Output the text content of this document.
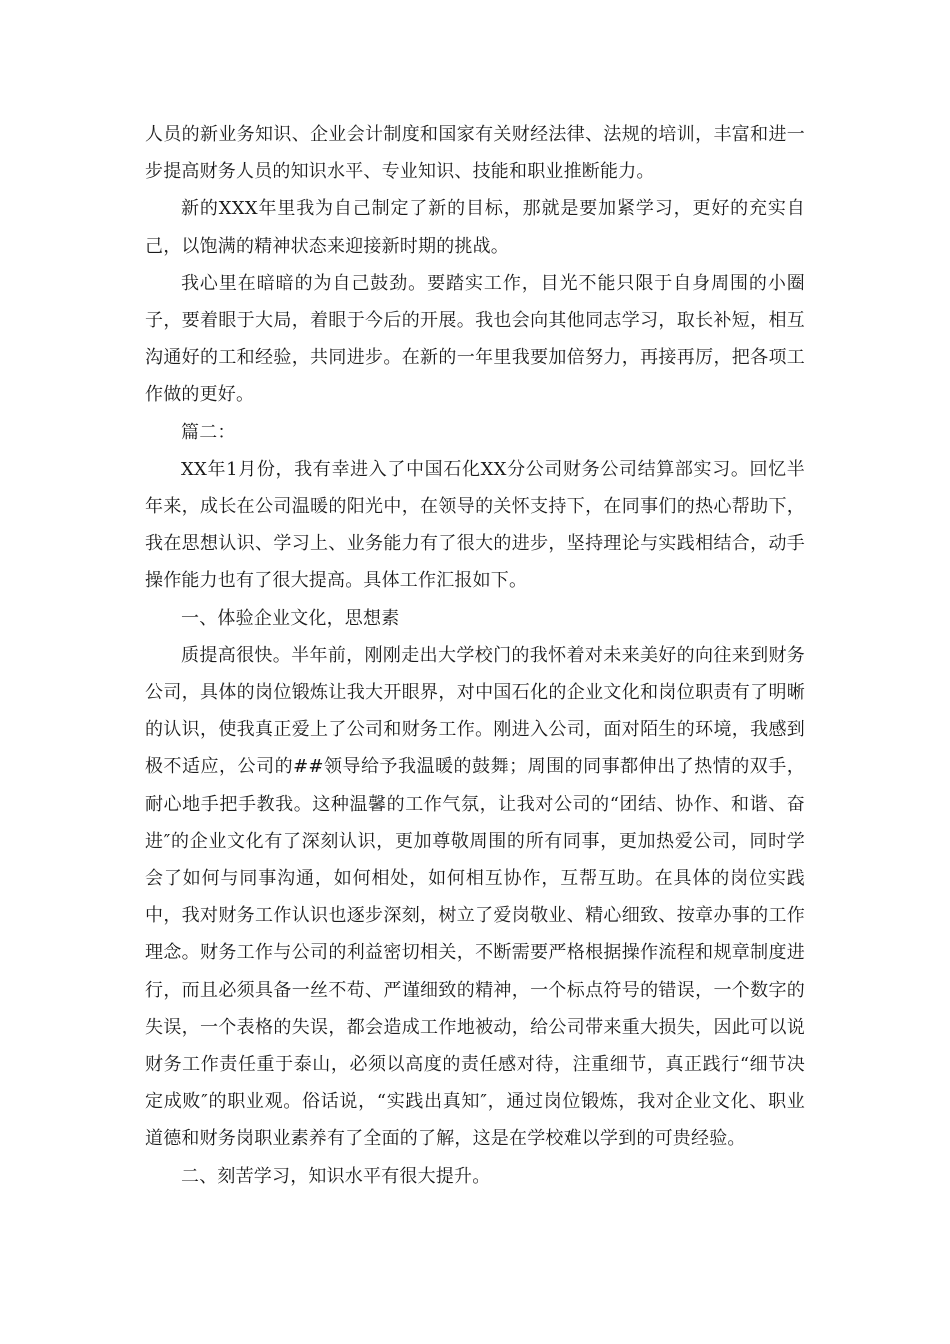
人员的新业务知识、企业会计制度和国家有关财经法律、法规的培训，丰富和进一步提高财务人员的知识水平、专业知识、技能和职业推断能力。

新的XXX年里我为自己制定了新的目标，那就是要加紧学习，更好的充实自己，以饱满的精神状态来迎接新时期的挑战。

我心里在暗暗的为自己鼓劲。要踏实工作，目光不能只限于自身周围的小圈子，要着眼于大局，着眼于今后的开展。我也会向其他同志学习，取长补短，相互沟通好的工和经验，共同进步。在新的一年里我要加倍努力，再接再厉，把各项工作做的更好。

篇二：

XX年1月份，我有幸进入了中国石化XX分公司财务公司结算部实习。回忆半年来，成长在公司温暖的阳光中，在领导的关怀支持下，在同事们的热心帮助下，我在思想认识、学习上、业务能力有了很大的进步，坚持理论与实践相结合，动手操作能力也有了很大提高。具体工作汇报如下。

一、体验企业文化，思想素

质提高很快。半年前，刚刚走出大学校门的我怀着对未来美好的向往来到财务公司，具体的岗位锻炼让我大开眼界，对中国石化的企业文化和岗位职责有了明晰的认识，使我真正爱上了公司和财务工作。刚进入公司，面对陌生的环境，我感到极不适应，公司的##领导给予我温暖的鼓舞；周围的同事都伸出了热情的双手，耐心地手把手教我。这种温馨的工作气氛，让我对公司的“团结、协作、和谐、奋进″的企业文化有了深刻认识，更加尊敬周围的所有同事，更加热爱公司，同时学会了如何与同事沟通，如何相处，如何相互协作，互帮互助。在具体的岗位实践中，我对财务工作认识也逐步深刻，树立了爱岗敬业、精心细致、按章办事的工作理念。财务工作与公司的利益密切相关，不断需要严格根据操作流程和规章制度进行，而且必须具备一丝不苟、严谨细致的精神，一个标点符号的错误，一个数字的失误，一个表格的失误，都会造成工作地被动，给公司带来重大损失，因此可以说财务工作责任重于泰山，必须以高度的责任感对待，注重细节，真正践行“细节决定成败″的职业观。俗话说，“实践出真知″，通过岗位锻炼，我对企业文化、职业道德和财务岗职业素养有了全面的了解，这是在学校难以学到的可贵经验。

二、刻苦学习，知识水平有很大提升。
